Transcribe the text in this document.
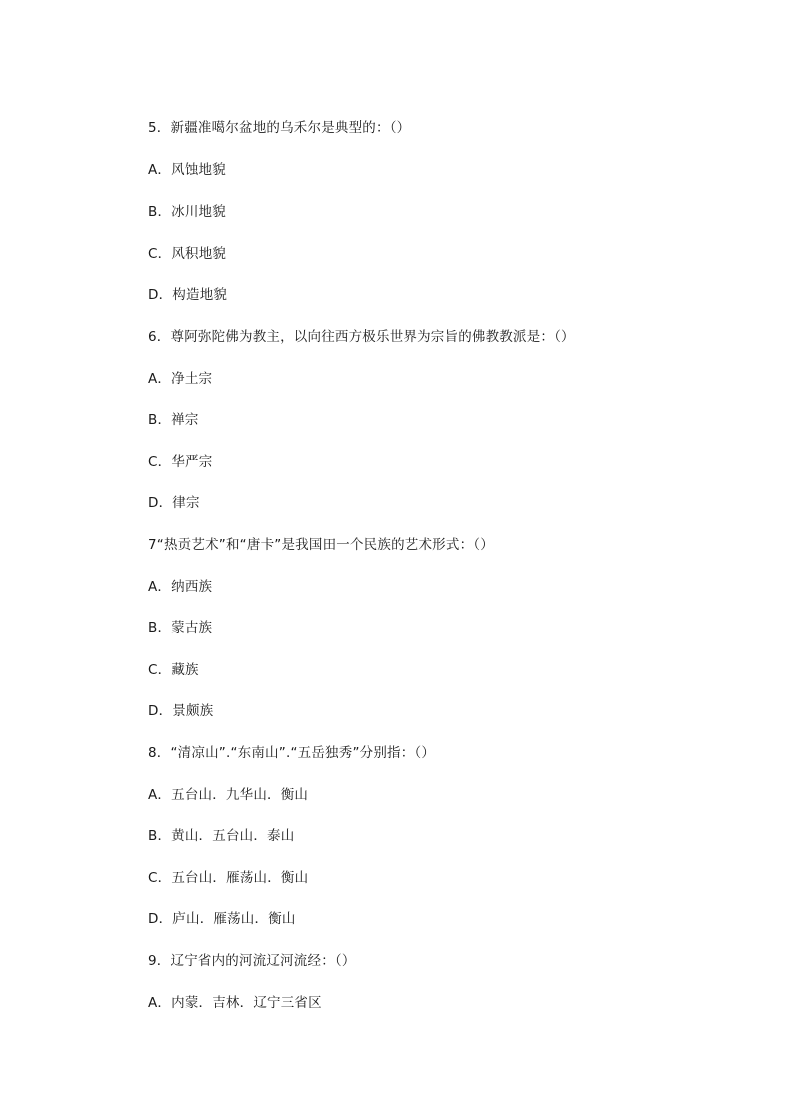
5．新疆准噶尔盆地的乌禾尔是典型的：（）
A．风蚀地貌
B．冰川地貌
C．风积地貌
D．构造地貌
6．尊阿弥陀佛为教主，以向往西方极乐世界为宗旨的佛教教派是：（）
A．净土宗
B．禅宗
C．华严宗
D．律宗
7“热贡艺术”和“唐卡”是我国田一个民族的艺术形式：（）
A．纳西族
B．蒙古族
C．藏族
D．景颇族
8．“清凉山”.“东南山”.“五岳独秀”分别指：（）
A．五台山．九华山．衡山
B．黄山．五台山．泰山
C．五台山．雁荡山．衡山
D．庐山．雁荡山．衡山
9．辽宁省内的河流辽河流经：（）
A．内蒙．吉林．辽宁三省区
